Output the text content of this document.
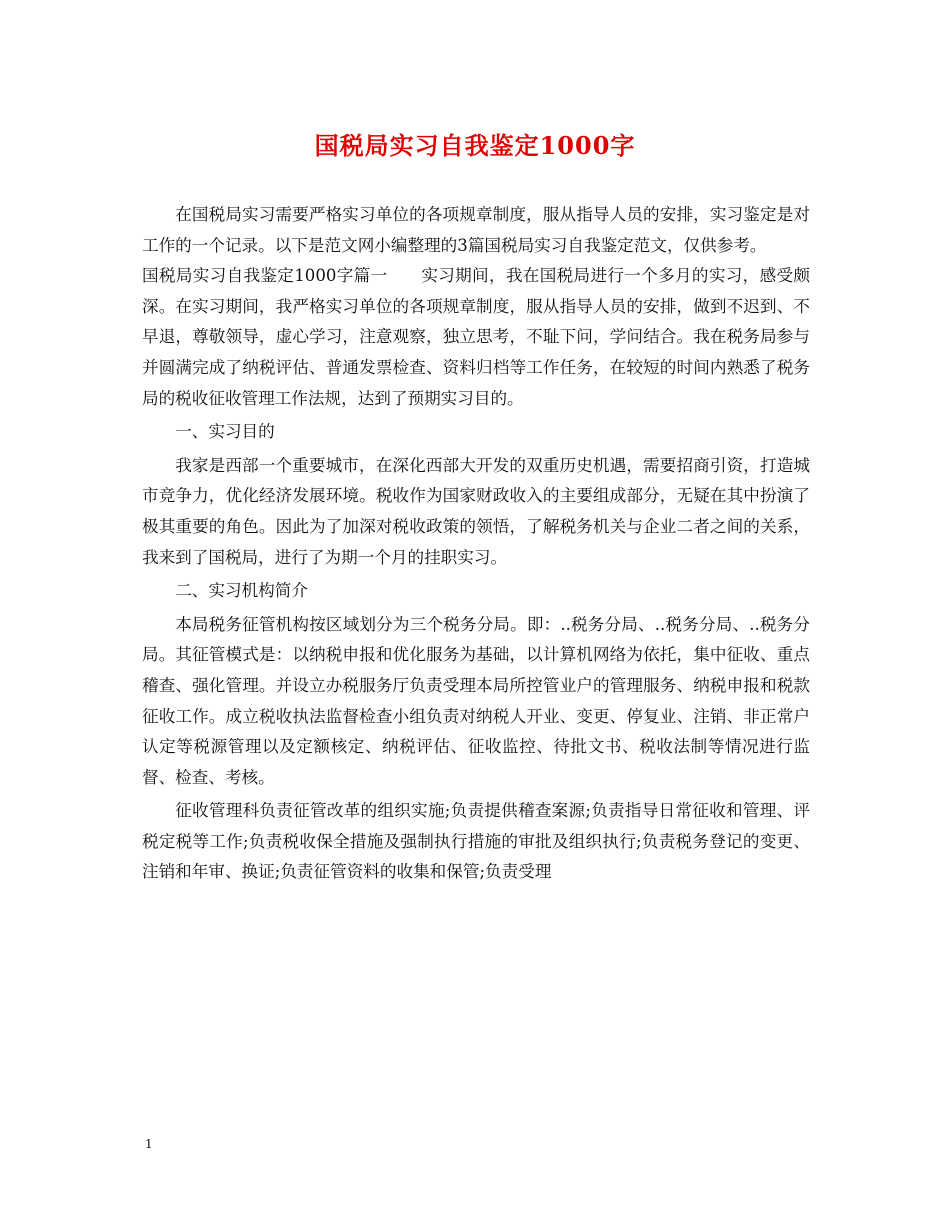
国税局实习自我鉴定1000字

在国税局实习需要严格实习单位的各项规章制度，服从指导人员的安排，实习鉴定是对工作的一个记录。以下是范文网小编整理的3篇国税局实习自我鉴定范文，仅供参考。

国税局实习自我鉴定1000字篇一　　实习期间，我在国税局进行一个多月的实习，感受颇深。在实习期间，我严格实习单位的各项规章制度，服从指导人员的安排，做到不迟到、不早退，尊敬领导，虚心学习，注意观察，独立思考，不耻下问，学问结合。我在税务局参与并圆满完成了纳税评估、普通发票检查、资料归档等工作任务，在较短的时间内熟悉了税务局的税收征收管理工作法规，达到了预期实习目的。

一、实习目的

我家是西部一个重要城市，在深化西部大开发的双重历史机遇，需要招商引资，打造城市竞争力，优化经济发展环境。税收作为国家财政收入的主要组成部分，无疑在其中扮演了极其重要的角色。因此为了加深对税收政策的领悟，了解税务机关与企业二者之间的关系，我来到了国税局，进行了为期一个月的挂职实习。

二、实习机构简介

本局税务征管机构按区域划分为三个税务分局。即：..税务分局、..税务分局、..税务分局。其征管模式是：以纳税申报和优化服务为基础，以计算机网络为依托，集中征收、重点稽查、强化管理。并设立办税服务厅负责受理本局所控管业户的管理服务、纳税申报和税款征收工作。成立税收执法监督检查小组负责对纳税人开业、变更、停复业、注销、非正常户认定等税源管理以及定额核定、纳税评估、征收监控、待批文书、税收法制等情况进行监督、检查、考核。

征收管理科负责征管改革的组织实施;负责提供稽查案源;负责指导日常征收和管理、评税定税等工作;负责税收保全措施及强制执行措施的审批及组织执行;负责税务登记的变更、注销和年审、换证;负责征管资料的收集和保管;负责受理

1
